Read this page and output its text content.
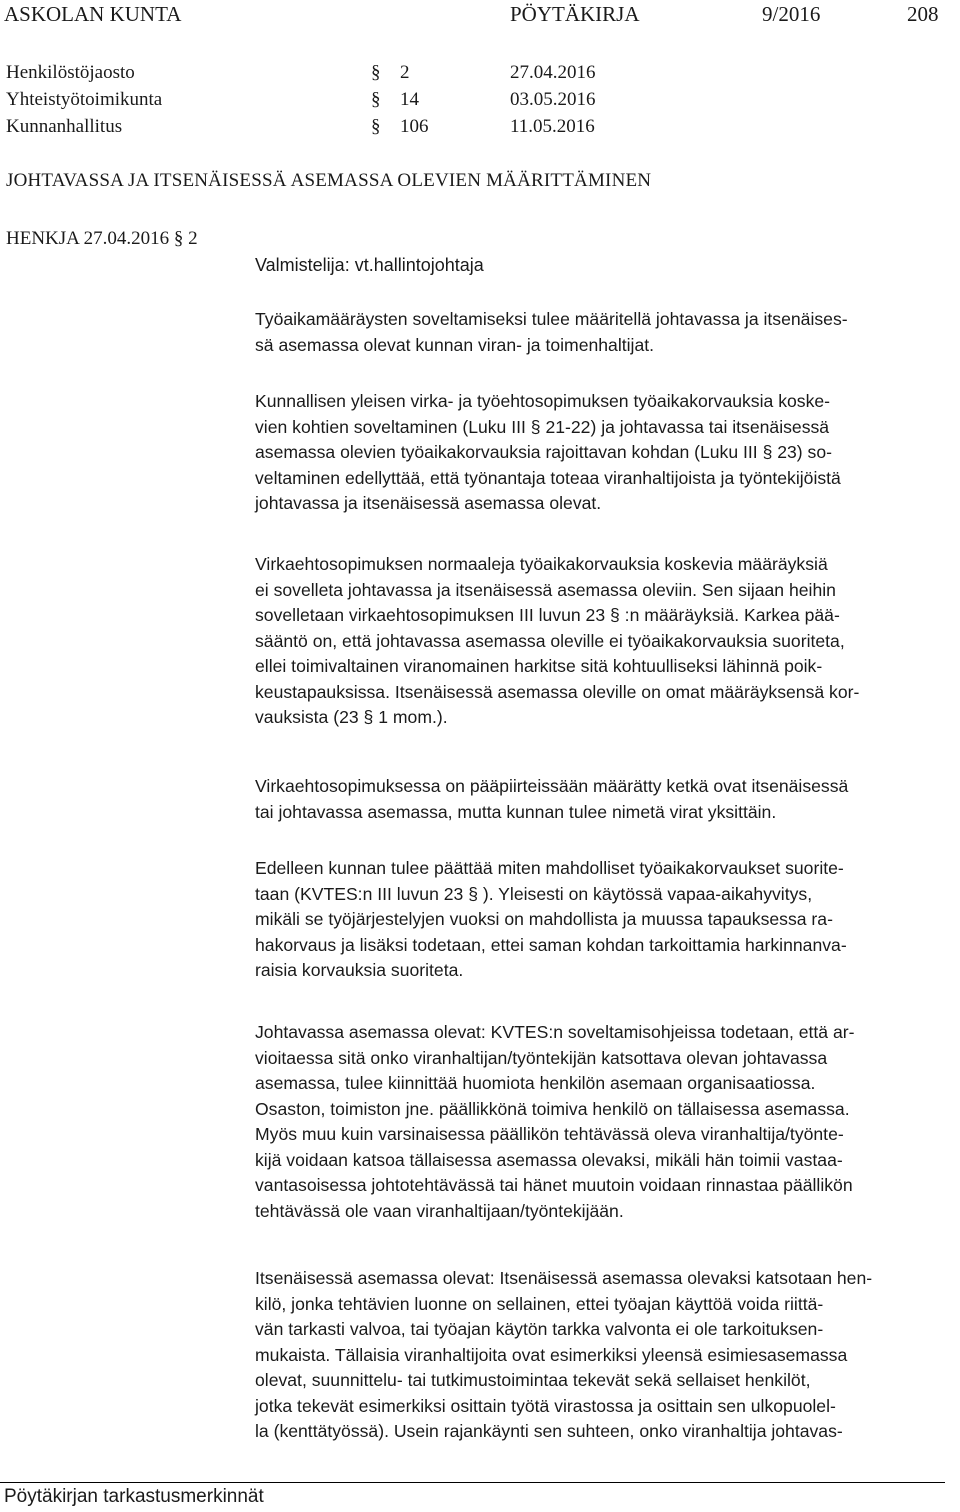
ASKOLAN KUNTA	PÖYTÄKIRJA	9/2016	208
Henkilöstöjaosto	§ 2	27.04.2016
Yhteistyötoimikunta	§ 14	03.05.2016
Kunnanhallitus	§ 106	11.05.2016
JOHTAVASSA JA ITSENÄISESSÄ ASEMASSA OLEVIEN MÄÄRITTÄMINEN
HENKJA 27.04.2016 § 2
Valmistelija: vt.hallintojohtaja

Työaikamääräysten soveltamiseksi tulee määritellä johtavassa ja itsenäises-

sä asemassa olevat kunnan viran- ja toimenhaltijat.

Kunnallisen yleisen virka- ja työehtosopimuksen työaikakorvauksia koske-

vien kohtien soveltaminen (Luku III § 21-22) ja johtavassa tai itsenäisessä

asemassa olevien työaikakorvauksia rajoittavan kohdan (Luku III § 23) so-

veltaminen edellyttää, että työnantaja toteaa viranhaltijoista ja työntekijöistä

johtavassa ja itsenäisessä asemassa olevat.

Virkaehtosopimuksen normaaleja työaikakorvauksia koskevia määräyksiä

ei sovelleta johtavassa ja itsenäisessä asemassa oleviin. Sen sijaan heihin

sovelletaan virkaehtosopimuksen III luvun 23 § :n määräyksiä. Karkea pää-

sääntö on, että johtavassa asemassa oleville ei työaikakorvauksia suoriteta,

ellei toimivaltainen viranomainen harkitse sitä kohtuulliseksi lähinnä poik-

keustapauksissa. Itsenäisessä asemassa oleville on omat määräyksensä kor-

vauksista (23 § 1 mom.).

Virkaehtosopimuksessa on pääpiirteissään määrätty ketkä ovat itsenäisessä

tai johtavassa asemassa, mutta kunnan tulee nimetä virat yksittäin.

Edelleen kunnan tulee päättää miten mahdolliset työaikakorvaukset suorite-

taan (KVTES:n III luvun 23 § ). Yleisesti on käytössä vapaa-aikahyvitys,

mikäli se työjärjestelyjen vuoksi on mahdollista ja muussa tapauksessa ra-

hakorvaus ja lisäksi todetaan, ettei saman kohdan tarkoittamia harkinnanva-

raisia korvauksia suoriteta.

Johtavassa asemassa olevat: KVTES:n soveltamisohjeissa todetaan, että ar-

vioitaessa sitä onko viranhaltijan/työntekijän katsottava olevan johtavassa

asemassa, tulee kiinnittää huomiota henkilön asemaan organisaatiossa.

Osaston, toimiston jne. päällikkönä toimiva henkilö on tällaisessa asemassa.

Myös muu kuin varsinaisessa päällikön tehtävässä oleva viranhaltija/työnte-

kijä voidaan katsoa tällaisessa asemassa olevaksi, mikäli hän toimii vastaa-

vantasoisessa johtotehtävässä tai hänet muutoin voidaan rinnastaa päällikön

tehtävässä ole vaan viranhaltijaan/työntekijään.

Itsenäisessä asemassa olevat: Itsenäisessä asemassa olevaksi katsotaan hen-

kilö, jonka tehtävien luonne on sellainen, ettei työajan käyttöä voida riittä-

vän tarkasti valvoa, tai työajan käytön tarkka valvonta ei ole tarkoituksen-

mukaista. Tällaisia viranhaltijoita ovat esimerkiksi yleensä esimiesasemassa

olevat, suunnittelu- tai tutkimustoimintaa tekevät sekä sellaiset henkilöt,

jotka tekevät esimerkiksi osittain työtä virastossa ja osittain sen ulkopuolel-

la (kenttätyössä). Usein rajankäynti sen suhteen, onko viranhaltija johtavas-

Pöytäkirjan tarkastusmerkinnät
